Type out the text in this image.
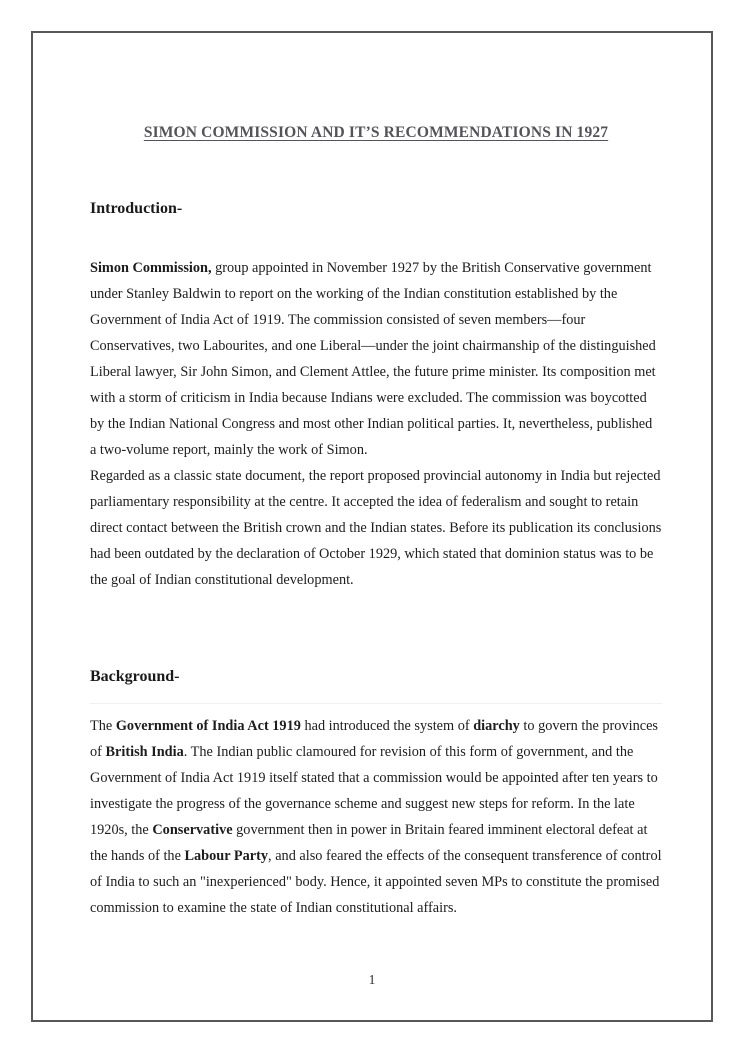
SIMON COMMISSION AND IT’S RECOMMENDATIONS IN 1927
Introduction-

Simon Commission, group appointed in November 1927 by the British Conservative government under Stanley Baldwin to report on the working of the Indian constitution established by the Government of India Act of 1919. The commission consisted of seven members—four Conservatives, two Labourites, and one Liberal—under the joint chairmanship of the distinguished Liberal lawyer, Sir John Simon, and Clement Attlee, the future prime minister. Its composition met with a storm of criticism in India because Indians were excluded. The commission was boycotted by the Indian National Congress and most other Indian political parties. It, nevertheless, published a two-volume report, mainly the work of Simon.

Regarded as a classic state document, the report proposed provincial autonomy in India but rejected parliamentary responsibility at the centre. It accepted the idea of federalism and sought to retain direct contact between the British crown and the Indian states. Before its publication its conclusions had been outdated by the declaration of October 1929, which stated that dominion status was to be the goal of Indian constitutional development.

Background-

The Government of India Act 1919 had introduced the system of diarchy to govern the provinces of British India. The Indian public clamoured for revision of this form of government, and the Government of India Act 1919 itself stated that a commission would be appointed after ten years to investigate the progress of the governance scheme and suggest new steps for reform. In the late 1920s, the Conservative government then in power in Britain feared imminent electoral defeat at the hands of the Labour Party, and also feared the effects of the consequent transference of control of India to such an "inexperienced" body. Hence, it appointed seven MPs to constitute the promised commission to examine the state of Indian constitutional affairs.

1
